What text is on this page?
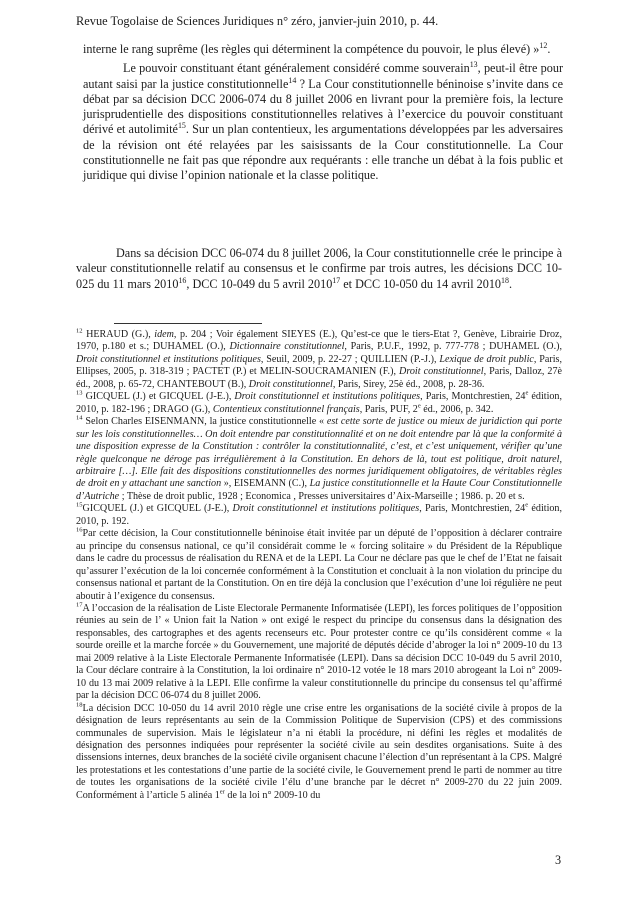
Revue Togolaise de Sciences Juridiques n° zéro, janvier-juin 2010, p. 44.

interne le rang suprême (les règles qui déterminent la compétence du pouvoir, le plus élevé) »$^{12}$.

Le pouvoir constituant étant généralement considéré comme souverain$^{13}$, peut-il être pour autant saisi par la justice constitutionnelle$^{14}$ ? La Cour constitutionnelle béninoise s’invite dans ce débat par sa décision DCC 2006-074 du 8 juillet 2006 en livrant pour la première fois, la lecture jurisprudentielle des dispositions constitutionnelles relatives à l’exercice du pouvoir constituant dérivé et autolimité$^{15}$. Sur un plan contentieux, les argumentations développées par les adversaires de la révision ont été relayées par les saisissants de la Cour constitutionnelle. La Cour constitutionnelle ne fait pas que répondre aux requérants : elle tranche un débat à la fois public et juridique qui divise l’opinion nationale et la classe politique.

Dans sa décision DCC 06-074 du 8 juillet 2006, la Cour constitutionnelle crée le principe à valeur constitutionnelle relatif au consensus et le confirme par trois autres, les décisions DCC 10-025 du 11 mars 2010$^{16}$, DCC 10-049 du 5 avril 2010$^{17}$ et DCC 10-050 du 14 avril 2010$^{18}$.

$^{12}$ HERAUD (G.), idem, p. 204 ; Voir également SIEYES (E.), Qu’est-ce que le tiers-Etat ?, Genève, Librairie Droz, 1970, p.180 et s.; DUHAMEL (O.), Dictionnaire constitutionnel, Paris, P.U.F., 1992, p. 777-778 ; DUHAMEL (O.), Droit constitutionnel et institutions politiques, Seuil, 2009, p. 22-27 ; QUILLIEN (P.-J.), Lexique de droit public, Paris, Ellipses, 2005, p. 318-319 ; PACTET (P.) et MELIN-SOUCRAMANIEN (F.), Droit constitutionnel, Paris, Dalloz, 27è éd., 2008, p. 65-72, CHANTEBOUT (B.), Droit constitutionnel, Paris, Sirey, 25è éd., 2008, p. 28-36.

$^{13}$ GICQUEL (J.) et GICQUEL (J-E.), Droit constitutionnel et institutions politiques, Paris, Montchrestien, 24e édition, 2010, p. 182-196 ; DRAGO (G.), Contentieux constitutionnel français, Paris, PUF, 2e éd., 2006, p. 342.

$^{14}$ Selon Charles EISENMANN, la justice constitutionnelle « est cette sorte de justice ou mieux de juridiction qui porte sur les lois constitutionnelles… On doit entendre par constitutionnalité et on ne doit entendre par là que la conformité à une disposition expresse de la Constitution : contrôler la constitutionnalité, c’est, et c’est uniquement, vérifier qu’une règle quelconque ne déroge pas irrégulièrement à la Constitution. En dehors de là, tout est politique, droit naturel, arbitraire […]. Elle fait des dispositions constitutionnelles des normes juridiquement obligatoires, de véritables règles de droit en y attachant une sanction », EISEMANN (C.), La justice constitutionnelle et la Haute Cour Constitutionnelle d’Autriche ; Thèse de droit public, 1928 ; Economica , Presses universitaires d’Aix-Marseille ; 1986. p. 20 et s.

$^{15}$GICQUEL (J.) et GICQUEL (J-E.), Droit constitutionnel et institutions politiques, Paris, Montchrestien, 24e édition, 2010, p. 192.

$^{16}$Par cette décision, la Cour constitutionnelle béninoise était invitée par un député de l’opposition à déclarer contraire au principe du consensus national, ce qu’il considérait comme le « forcing solitaire » du Président de la République dans le cadre du processus de réalisation du RENA et de la LEPI. La Cour ne déclare pas que le chef de l’Etat ne faisait qu’assurer l’exécution de la loi concernée conformément à la Constitution et concluait à la non violation du principe du consensus national et partant de la Constitution. On en tire déjà la conclusion que l’exécution d’une loi régulière ne peut aboutir à l’exigence du consensus.

$^{17}$A l’occasion de la réalisation de Liste Electorale Permanente Informatisée (LEPI), les forces politiques de l’opposition réunies au sein de l’ « Union fait la Nation » ont exigé le respect du principe du consensus dans la désignation des responsables, des cartographes et des agents recenseurs etc. Pour protester contre ce qu’ils considèrent comme « la sourde oreille et la marche forcée » du Gouvernement, une majorité de députés décide d’abroger la loi n° 2009-10 du 13 mai 2009 relative à la Liste Electorale Permanente Informatisée (LEPI). Dans sa décision DCC 10-049 du 5 avril 2010, la Cour déclare contraire à la Constitution, la loi ordinaire n° 2010-12 votée le 18 mars 2010 abrogeant la Loi n° 2009-10 du 13 mai 2009 relative à la LEPI. Elle confirme la valeur constitutionnelle du principe du consensus tel qu’affirmé par la décision DCC 06-074 du 8 juillet 2006.

$^{18}$La décision DCC 10-050 du 14 avril 2010 règle une crise entre les organisations de la société civile à propos de la désignation de leurs représentants au sein de la Commission Politique de Supervision (CPS) et des commissions communales de supervision. Mais le législateur n’a ni établi la procédure, ni défini les règles et modalités de désignation des personnes indiquées pour représenter la société civile au sein desdites organisations. Suite à des dissensions internes, deux branches de la société civile organisent chacune l’élection d’un représentant à la CPS. Malgré les protestations et les contestations d’une partie de la société civile, le Gouvernement prend le parti de nommer au titre de toutes les organisations de la société civile l’élu d’une branche par le décret n° 2009-270 du 22 juin 2009. Conformément à l’article 5 alinéa 1er de la loi n° 2009-10 du

3
